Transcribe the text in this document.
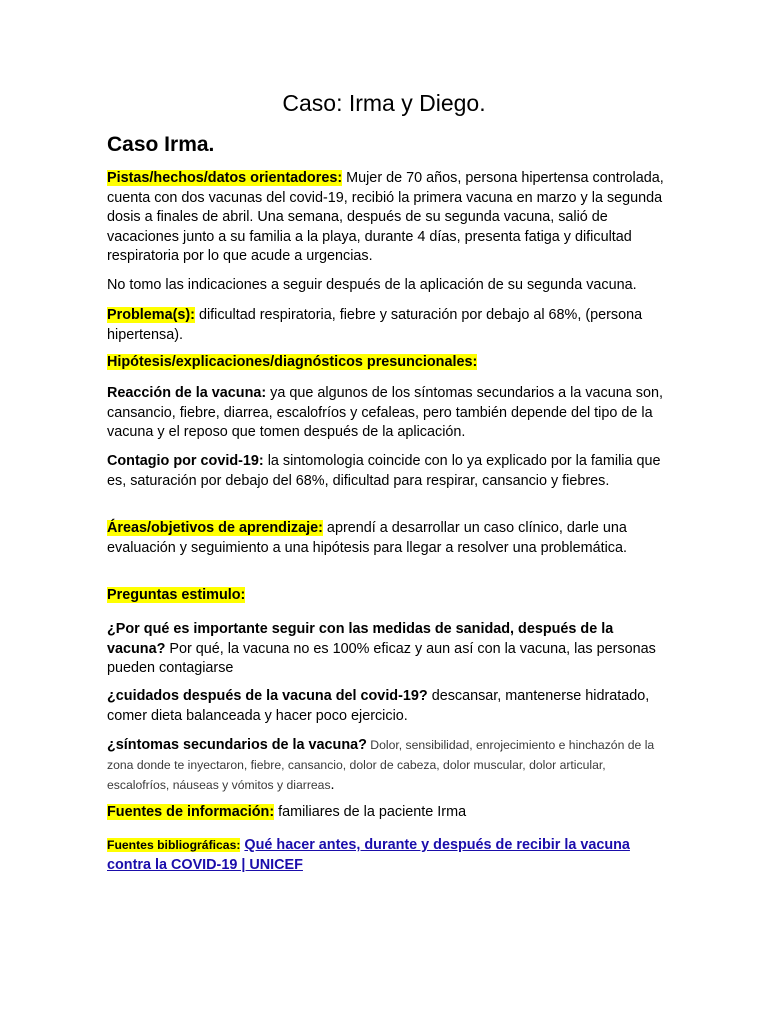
Caso: Irma y Diego.
Caso Irma.
Pistas/hechos/datos orientadores: Mujer de 70 años, persona hipertensa controlada, cuenta con dos vacunas del covid-19, recibió la primera vacuna en marzo y la segunda dosis a finales de abril. Una semana, después de su segunda vacuna, salió de vacaciones junto a su familia a la playa, durante 4 días, presenta fatiga y dificultad respiratoria por lo que acude a urgencias.
No tomo las indicaciones a seguir después de la aplicación de su segunda vacuna.
Problema(s): dificultad respiratoria, fiebre y saturación por debajo al 68%, (persona hipertensa).
Hipótesis/explicaciones/diagnósticos presuncionales:
Reacción de la vacuna: ya que algunos de los síntomas secundarios a la vacuna son, cansancio, fiebre, diarrea, escalofríos y cefaleas, pero también depende del tipo de la vacuna y el reposo que tomen después de la aplicación.
Contagio por covid-19: la sintomologia coincide con lo ya explicado por la familia que es, saturación por debajo del 68%, dificultad para respirar, cansancio y fiebres.
Áreas/objetivos de aprendizaje: aprendí a desarrollar un caso clínico, darle una evaluación y seguimiento a una hipótesis para llegar a resolver una problemática.
Preguntas estimulo:
¿Por qué es importante seguir con las medidas de sanidad, después de la vacuna? Por qué, la vacuna no es 100% eficaz y aun así con la vacuna, las personas pueden contagiarse
¿cuidados después de la vacuna del covid-19? descansar, mantenerse hidratado, comer dieta balanceada y hacer poco ejercicio.
¿síntomas secundarios de la vacuna? Dolor, sensibilidad, enrojecimiento e hinchazón de la zona donde te inyectaron, fiebre, cansancio, dolor de cabeza, dolor muscular, dolor articular, escalofríos, náuseas y vómitos y diarreas.
Fuentes de información: familiares de la paciente Irma
Fuentes bibliográficas: Qué hacer antes, durante y después de recibir la vacuna contra la COVID-19 | UNICEF
